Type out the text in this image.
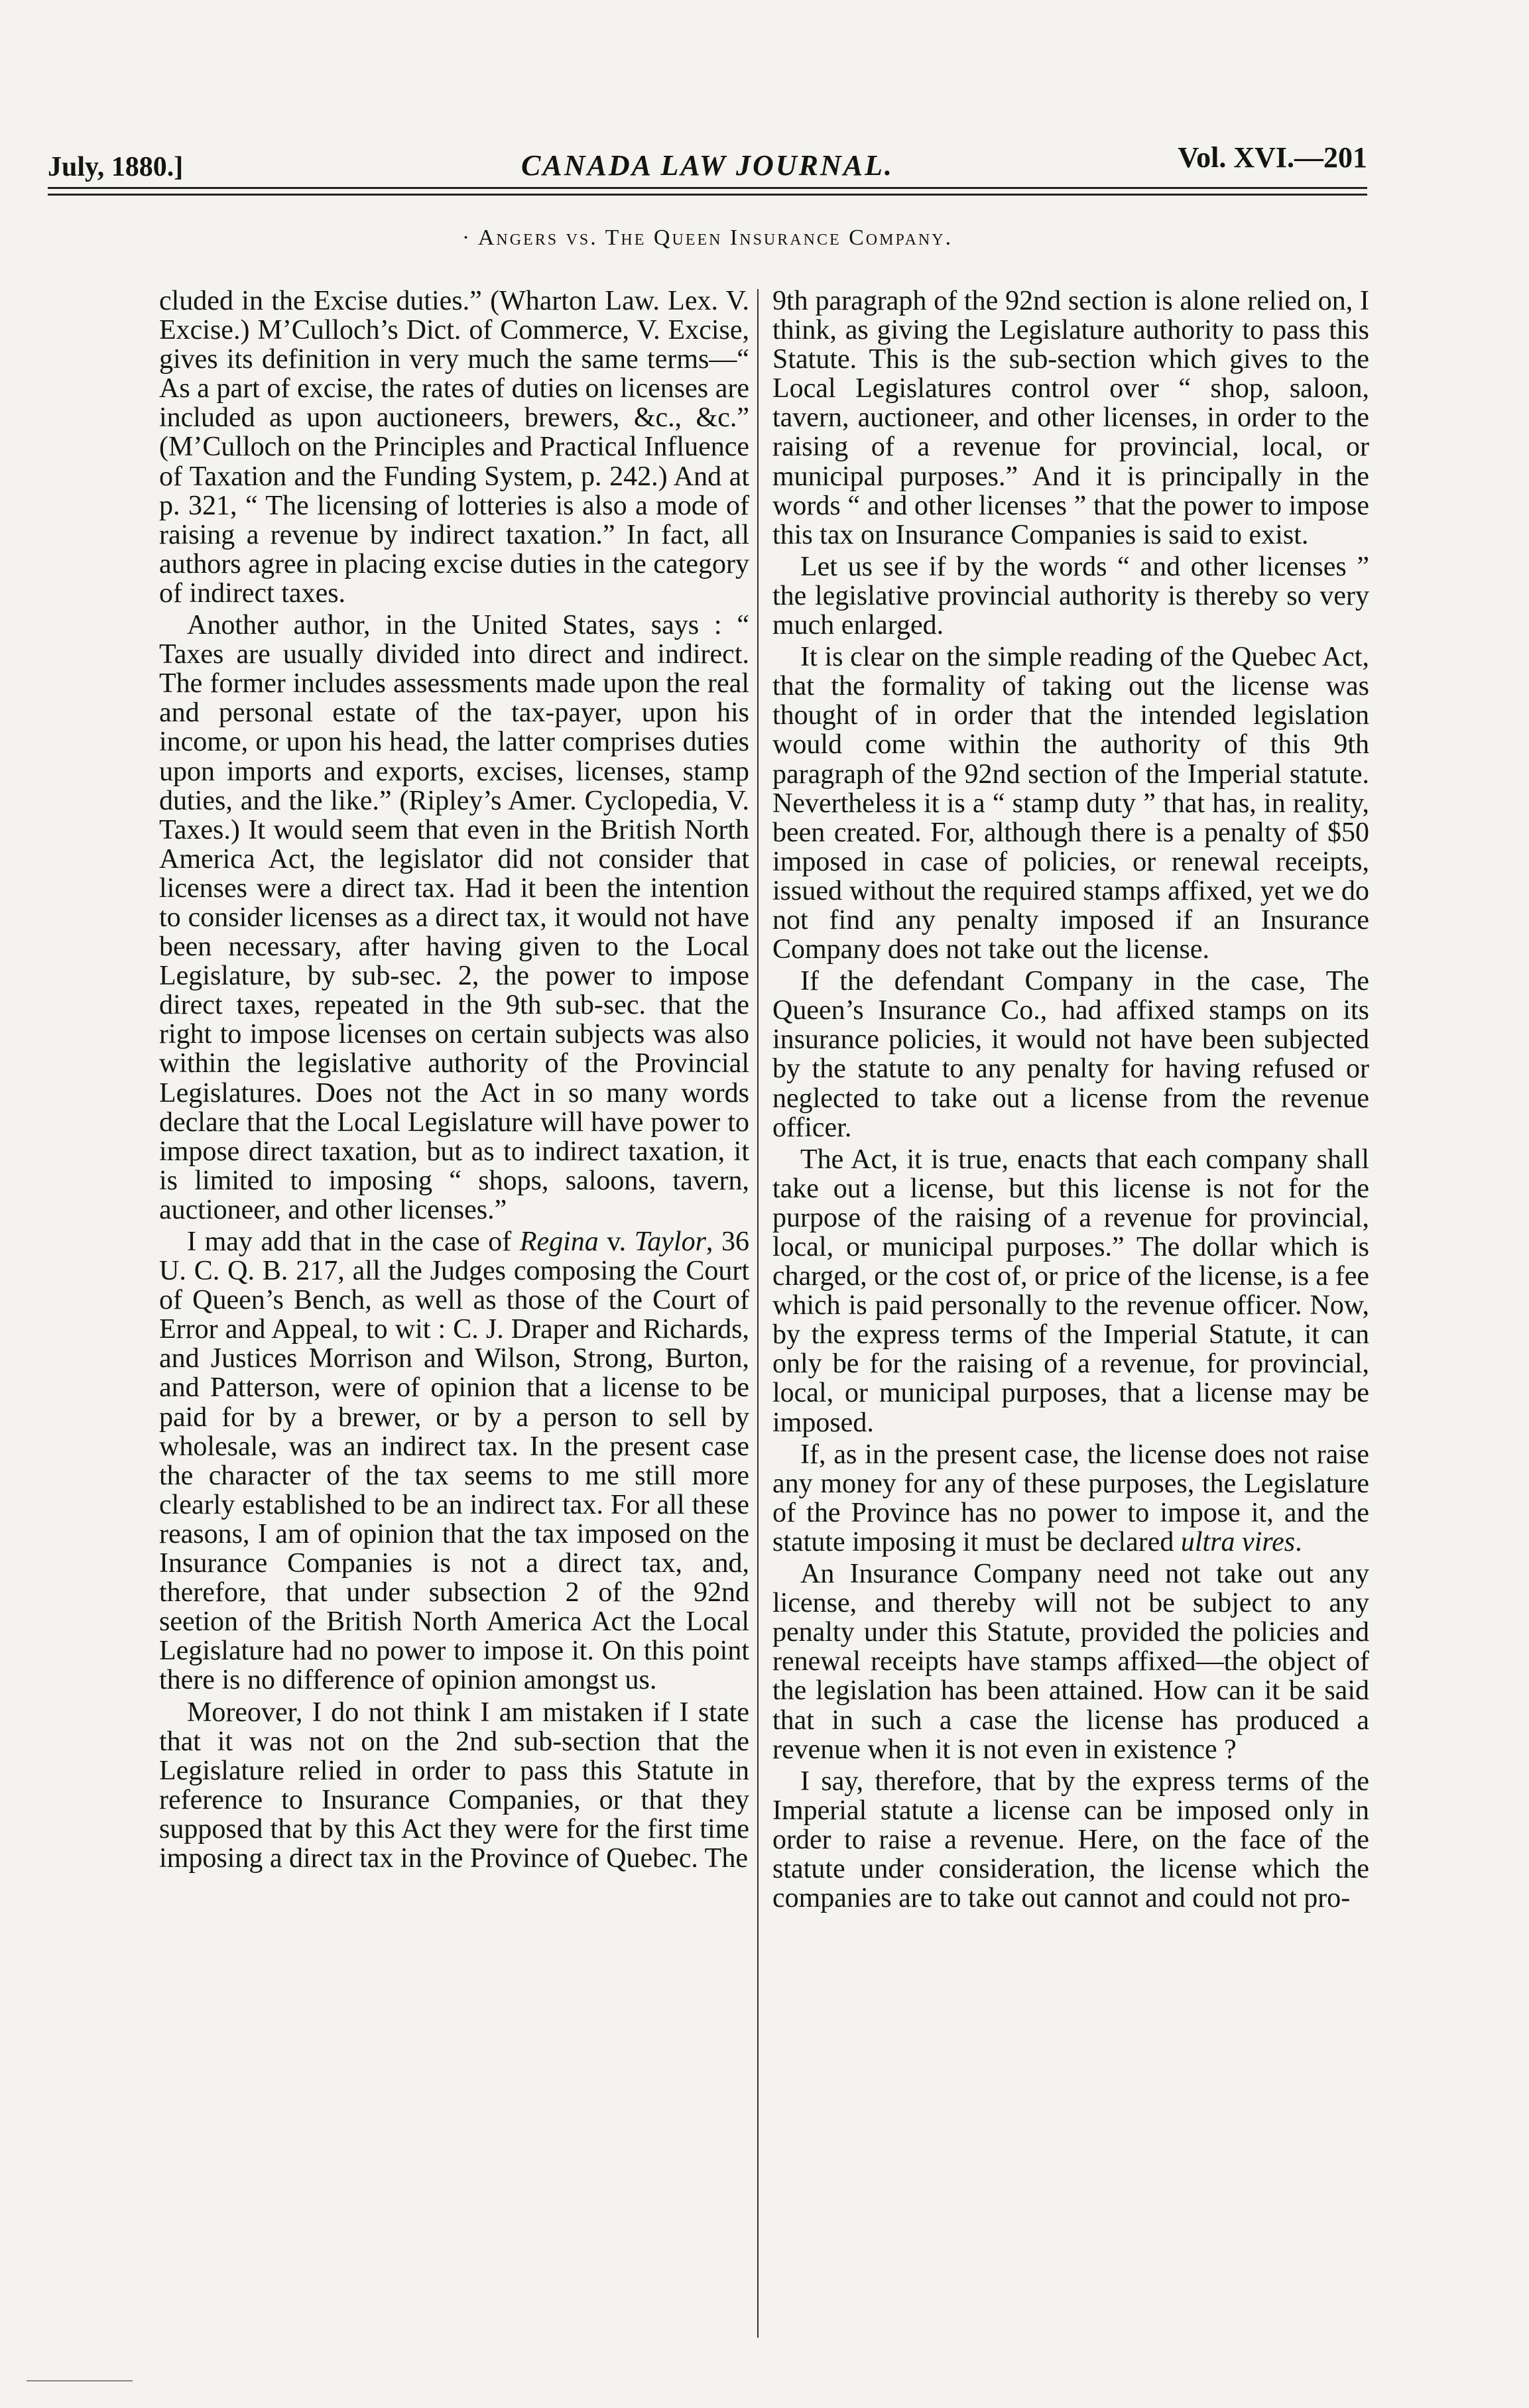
July, 1880.]	CANADA LAW JOURNAL.	Vol. XVI.—201
· Angers vs. The Queen Insurance Company.

cluded in the Excise duties.” (Wharton Law. Lex. V. Excise.) M’Culloch’s Dict. of Commerce, V. Excise, gives its definition in very much the same terms—“ As a part of excise, the rates of duties on licenses are included as upon auctioneers, brewers, &c., &c.” (M’Culloch on the Principles and Practical Influence of Taxation and the Funding System, p. 242.) And at p. 321, “ The licensing of lotteries is also a mode of raising a revenue by indirect taxation.” In fact, all authors agree in placing excise duties in the category of indirect taxes.

Another author, in the United States, says : “ Taxes are usually divided into direct and indirect. The former includes assessments made upon the real and personal estate of the tax-payer, upon his income, or upon his head, the latter comprises duties upon imports and exports, excises, licenses, stamp duties, and the like.” (Ripley’s Amer. Cyclopedia, V. Taxes.) It would seem that even in the British North America Act, the legislator did not consider that licenses were a direct tax. Had it been the intention to consider licenses as a direct tax, it would not have been necessary, after having given to the Local Legislature, by sub-sec. 2, the power to impose direct taxes, repeated in the 9th sub-sec. that the right to impose licenses on certain subjects was also within the legislative authority of the Provincial Legislatures. Does not the Act in so many words declare that the Local Legislature will have power to impose direct taxation, but as to indirect taxation, it is limited to imposing “ shops, saloons, tavern, auctioneer, and other licenses.”

I may add that in the case of Regina v. Taylor, 36 U. C. Q. B. 217, all the Judges composing the Court of Queen’s Bench, as well as those of the Court of Error and Appeal, to wit : C. J. Draper and Richards, and Justices Morrison and Wilson, Strong, Burton, and Patterson, were of opinion that a license to be paid for by a brewer, or by a person to sell by wholesale, was an indirect tax. In the present case the character of the tax seems to me still more clearly established to be an indirect tax. For all these reasons, I am of opinion that the tax imposed on the Insurance Companies is not a direct tax, and, therefore, that under subsection 2 of the 92nd seetion of the British North America Act the Local Legislature had no power to impose it. On this point there is no difference of opinion amongst us.

Moreover, I do not think I am mistaken if I state that it was not on the 2nd sub-section that the Legislature relied in order to pass this Statute in reference to Insurance Companies, or that they supposed that by this Act they were for the first time imposing a direct tax in the Province of Quebec. The

9th paragraph of the 92nd section is alone relied on, I think, as giving the Legislature authority to pass this Statute. This is the sub-section which gives to the Local Legislatures control over “ shop, saloon, tavern, auctioneer, and other licenses, in order to the raising of a revenue for provincial, local, or municipal purposes.” And it is principally in the words “ and other licenses ” that the power to impose this tax on Insurance Companies is said to exist.

Let us see if by the words “ and other licenses ” the legislative provincial authority is thereby so very much enlarged.

It is clear on the simple reading of the Quebec Act, that the formality of taking out the license was thought of in order that the intended legislation would come within the authority of this 9th paragraph of the 92nd section of the Imperial statute. Nevertheless it is a “ stamp duty ” that has, in reality, been created. For, although there is a penalty of $50 imposed in case of policies, or renewal receipts, issued without the required stamps affixed, yet we do not find any penalty imposed if an Insurance Company does not take out the license.

If the defendant Company in the case, The Queen’s Insurance Co., had affixed stamps on its insurance policies, it would not have been subjected by the statute to any penalty for having refused or neglected to take out a license from the revenue officer.

The Act, it is true, enacts that each company shall take out a license, but this license is not for the purpose of the raising of a revenue for provincial, local, or municipal purposes.” The dollar which is charged, or the cost of, or price of the license, is a fee which is paid personally to the revenue officer. Now, by the express terms of the Imperial Statute, it can only be for the raising of a revenue, for provincial, local, or municipal purposes, that a license may be imposed.

If, as in the present case, the license does not raise any money for any of these purposes, the Legislature of the Province has no power to impose it, and the statute imposing it must be declared ultra vires.

An Insurance Company need not take out any license, and thereby will not be subject to any penalty under this Statute, provided the policies and renewal receipts have stamps affixed—the object of the legislation has been attained. How can it be said that in such a case the license has produced a revenue when it is not even in existence ?

I say, therefore, that by the express terms of the Imperial statute a license can be imposed only in order to raise a revenue. Here, on the face of the statute under consideration, the license which the companies are to take out cannot and could not pro-
